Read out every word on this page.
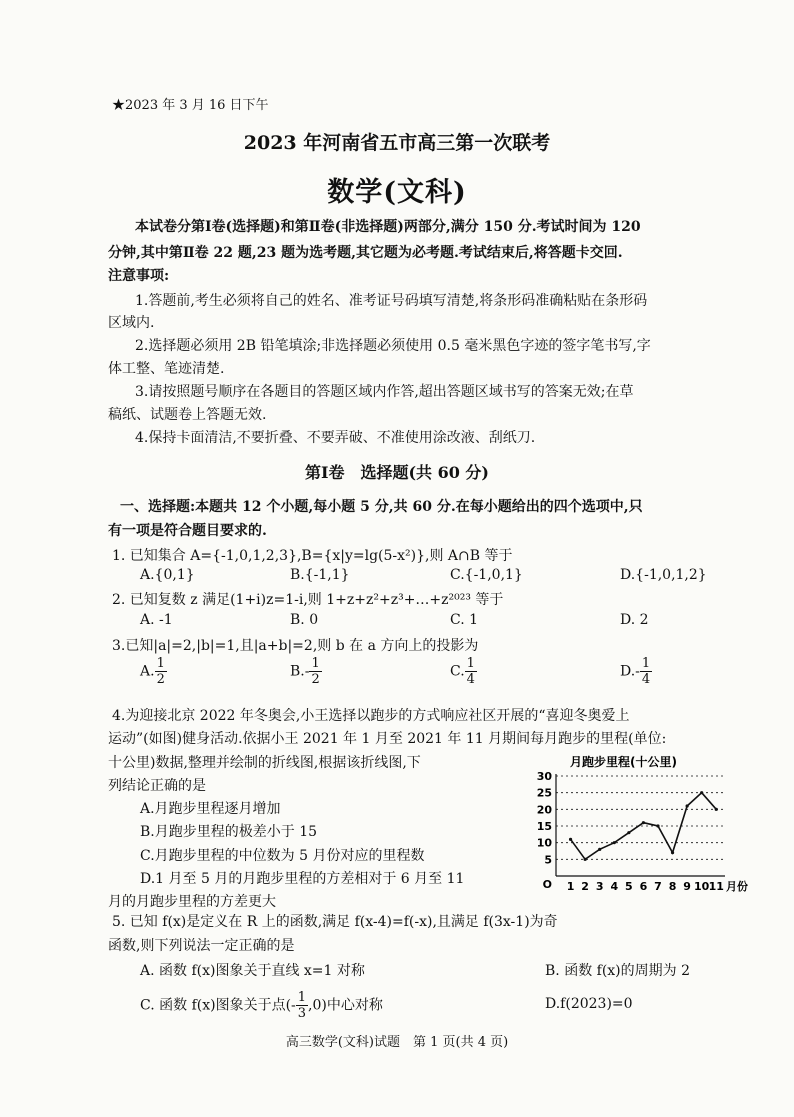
★2023 年 3 月 16 日下午
2023 年河南省五市高三第一次联考
数学(文科)
本试卷分第Ⅰ卷(选择题)和第Ⅱ卷(非选择题)两部分,满分 150 分.考试时间为 120
分钟,其中第Ⅱ卷 22 题,23 题为选考题,其它题为必考题.考试结束后,将答题卡交回.
注意事项:
1.答题前,考生必须将自己的姓名、准考证号码填写清楚,将条形码准确粘贴在条形码
区域内.
2.选择题必须用 2B 铅笔填涂;非选择题必须使用 0.5 毫米黑色字迹的签字笔书写,字
体工整、笔迹清楚.
3.请按照题号顺序在各题目的答题区域内作答,超出答题区域书写的答案无效;在草
稿纸、试题卷上答题无效.
4.保持卡面清洁,不要折叠、不要弄破、不准使用涂改液、刮纸刀.
第Ⅰ卷　选择题(共 60 分)
一、选择题:本题共 12 个小题,每小题 5 分,共 60 分.在每小题给出的四个选项中,只
有一项是符合题目要求的.
1. 已知集合 A={-1,0,1,2,3},B={x|y=lg(5-x²)},则 A∩B 等于
A.{0,1}	B.{-1,1}	C.{-1,0,1}	D.{-1,0,1,2}
2. 已知复数 z 满足(1+i)z=1-i,则 1+z+z²+z³+…+z²⁰²³ 等于
A. -1	B. 0	C. 1	D. 2
3.已知|a|=2,|b|=1,且|a+b|=2,则 b 在 a 方向上的投影为
A. $\frac{1}{2}$	$B.- \frac{1}{2}$	C. $\frac{1}{4}$	$D.- \frac{1}{4}$
4.为迎接北京 2022 年冬奥会,小王选择以跑步的方式响应社区开展的“喜迎冬奥爱上
运动”(如图)健身活动.依据小王 2021 年 1 月至 2021 年 11 月期间每月跑步的里程(单位:
十公里)数据,整理并绘制的折线图,根据该折线图,下
列结论正确的是
A.月跑步里程逐月增加
B.月跑步里程的极差小于 15
C.月跑步里程的中位数为 5 月份对应的里程数
D.1 月至 5 月的月跑步里程的方差相对于 6 月至 11
月的月跑步里程的方差更大
月跑步里程(十公里)
5
10
15
20
25
30
O 1 2 3 4 5 6 7 8 9 10 11 月份
5. 已知 f(x)是定义在 R 上的函数,满足 f(x-4)=f(-x),且满足 f(3x-1)为奇
函数,则下列说法一定正确的是
A. 函数 f(x)图象关于直线 x=1 对称	B. 函数 f(x)的周期为 2
C. 函数 f(x)图象关于点(- $\frac{1}{3} ,0$)中心对称	D.f(2023)=0
高三数学(文科)试题　第 1 页(共 4 页)
